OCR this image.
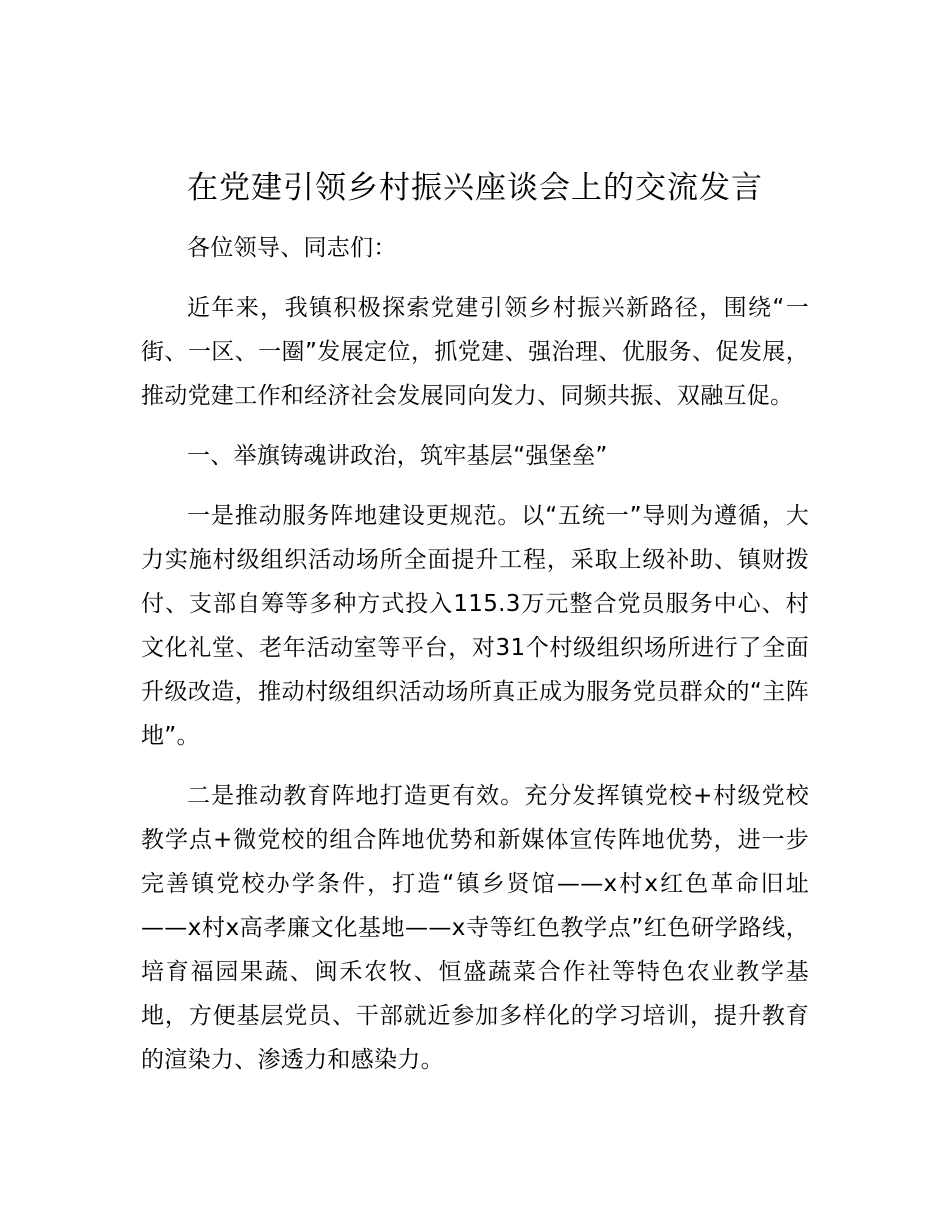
在党建引领乡村振兴座谈会上的交流发言

各位领导、同志们：

近年来，我镇积极探索党建引领乡村振兴新路径，围绕“一街、一区、一圈”发展定位，抓党建、强治理、优服务、促发展，推动党建工作和经济社会发展同向发力、同频共振、双融互促。

一、举旗铸魂讲政治，筑牢基层“强堡垒”

一是推动服务阵地建设更规范。以“五统一”导则为遵循，大力实施村级组织活动场所全面提升工程，采取上级补助、镇财拨付、支部自筹等多种方式投入115.3万元整合党员服务中心、村文化礼堂、老年活动室等平台，对31个村级组织场所进行了全面升级改造，推动村级组织活动场所真正成为服务党员群众的“主阵地”。

二是推动教育阵地打造更有效。充分发挥镇党校+村级党校教学点+微党校的组合阵地优势和新媒体宣传阵地优势，进一步完善镇党校办学条件，打造“镇乡贤馆——x村x红色革命旧址——x村x高孝廉文化基地——x寺等红色教学点”红色研学路线，培育福园果蔬、闽禾农牧、恒盛蔬菜合作社等特色农业教学基地，方便基层党员、干部就近参加多样化的学习培训，提升教育的渲染力、渗透力和感染力。
